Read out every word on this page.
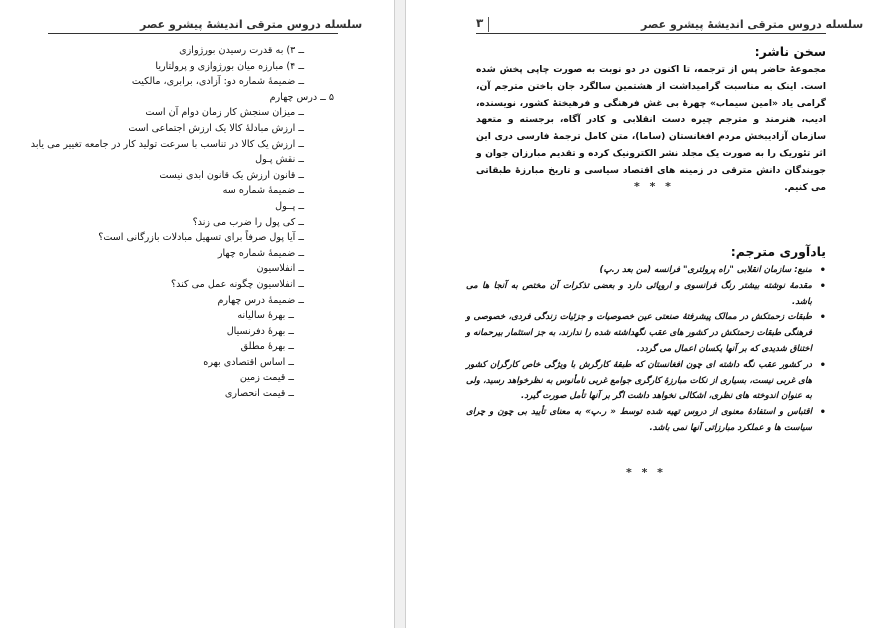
سلسله دروس مترقی اندیشهٔ پیشرو عصر
ــ ۳) به قدرت رسیدن بورژوازی
ــ ۴) مبارزه میان بورژوازی و پرولتاریا
ــ ضمیمهٔ شماره دو: آزادی، برابری، مالکیت
۵ ــ درس چهارم
ــ میزان سنجش کار زمان دوام آن است
ــ ارزش مبادلهٔ کالا یک ارزش اجتماعی است
ــ ارزش یک کالا در تناسب با سرعت تولید کار در جامعه تغییر می یابد
ــ نقش پـول
ــ قانون ارزش یک قانون ابدی نیست
ــ ضمیمهٔ شماره سه
ــ پــول
ــ کی پول را ضرب می زند؟
ــ آیا پول صرفاً برای تسهیل مبادلات بازرگانی است؟
ــ ضمیمهٔ شماره چهار
ــ انفلاسیون
ــ انفلاسیون چگونه عمل می کند؟
ــ ضمیمهٔ درس چهارم
ــ بهرهٔ سالیانه
ــ بهرهٔ دفرنسیال
ــ بهرهٔ مطلق
ــ اساس اقتصادی بهره
ــ قیمت زمین
ــ قیمت انحصاری
سلسله دروس مترقی اندیشهٔ پیشرو عصر
۳
سخن ناشر:
مجموعهٔ حاضر پس از ترجمه، تا اکنون در دو نوبت به صورت چاپی پخش شده است. اینک به مناسبت گرامیداشت از هشتمین سالگرد جان باختن مترجم آن، گرامی یاد «امین سیماب» چهرهٔ بی غش فرهنگی و فرهیختهٔ کشور، نویسنده، ادیب، هنرمند و مترجم چیره دست انقلابی و کادر آگاه، برجسته و متعهد سازمان آزادیبخش مردم افغانستان (ساما)، متن کامل ترجمهٔ فارسی دری این اثر تئوریک را به صورت یک مجلد نشر الکترونیک کرده و تقدیم مبارزان جوان و جویندگان دانش مترقی در زمینه های اقتصاد سیاسی و تاریخ مبارزهٔ طبقاتی می کنیم.
* * *
یادآوری مترجم:
• منبع: سازمان انقلابی "راه پرولتری" فرانسه (من بعد ر.پ)
• مقدمهٔ نوشته بیشتر رنگ فرانسوی و اروپائی دارد و بعضی تذکرات آن مختص به آنجا ها می باشد.
• طبقات زحمتکش در ممالک پیشرفتهٔ صنعتی عین خصوصیات و جزئیات زندگی فردی، خصوصی و فرهنگی طبقات زحمتکش در کشور های عقب نگهداشته شده را ندارند، به جز استثمار بیرحمانه و اختناق شدیدی که بر آنها یکسان اعمال می گردد.
• در کشور عقب نگه داشته ای چون افغانستان که طبقهٔ کارگرش با ویژگی خاص کارگران کشور های غربی نیست، بسیاری از نکات مبارزهٔ کارگری جوامع غربی نامأنوس به نظرخواهد رسید، ولی به عنوان اندوخته های نظری، اشکالی نخواهد داشت اگر بر آنها تأمل صورت گیرد.
• اقتباس و استفادهٔ معنوی از دروس تهیه شده توسط « ر.پ» به معنای تأیید بی چون و چرای سیاست ها و عملکرد مبارزاتی آنها نمی باشد.
* * *
